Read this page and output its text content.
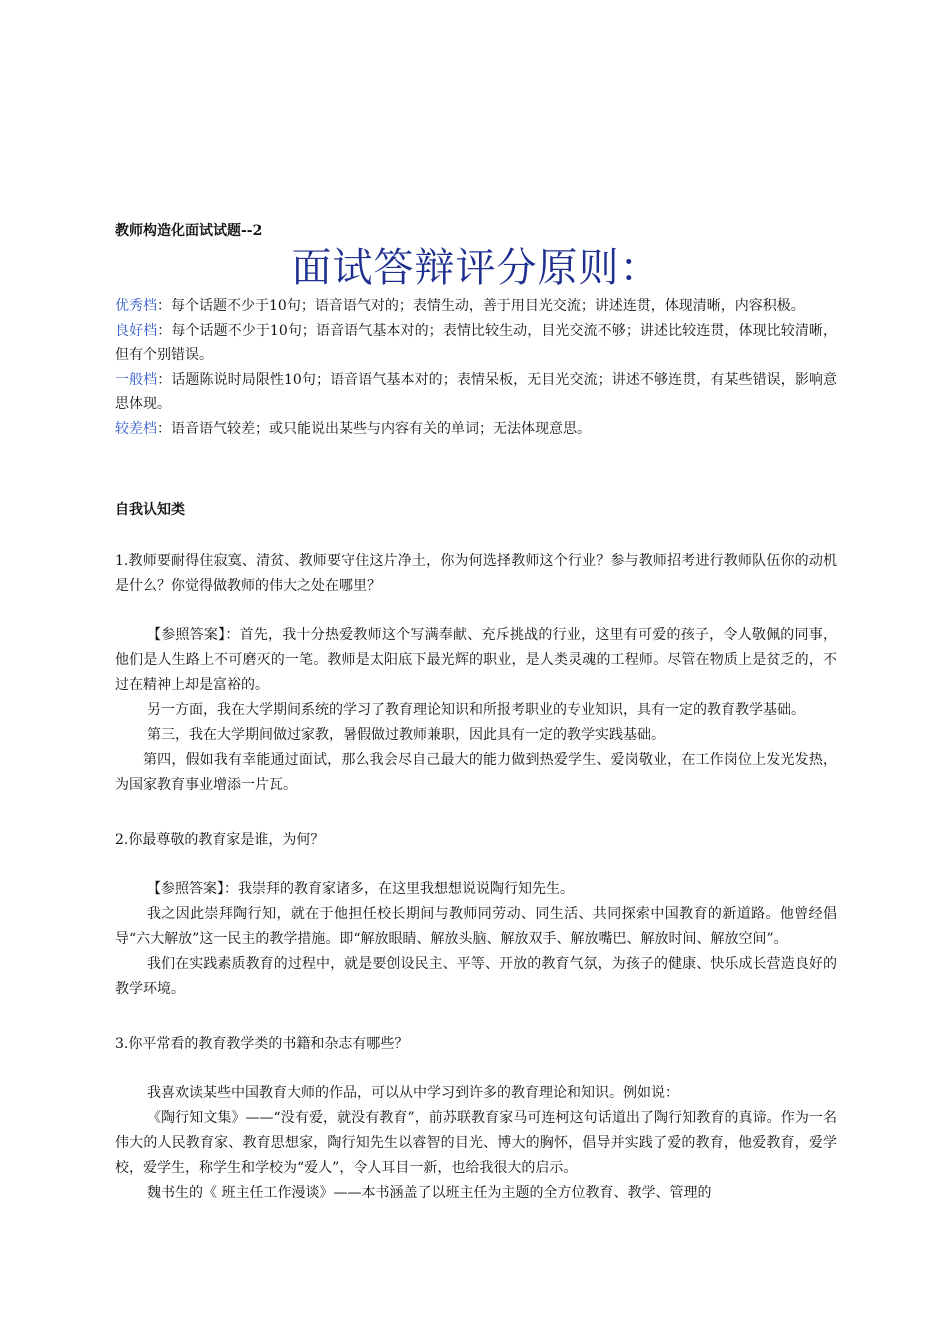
教师构造化面试试题--2

面试答辩评分原则：

优秀档：每个话题不少于10句；语音语气对的；表情生动，善于用目光交流；讲述连贯，体现清晰，内容积极。

良好档：每个话题不少于10句；语音语气基本对的；表情比较生动，目光交流不够；讲述比较连贯，体现比较清晰，但有个别错误。

一般档：话题陈说时局限性10句；语音语气基本对的；表情呆板，无目光交流；讲述不够连贯，有某些错误，影响意思体现。

较差档：语音语气较差；或只能说出某些与内容有关的单词；无法体现意思。

自我认知类

1.教师要耐得住寂寞、清贫、教师要守住这片净土，你为何选择教师这个行业？参与教师招考进行教师队伍你的动机是什么？你觉得做教师的伟大之处在哪里？

【参照答案】：首先，我十分热爱教师这个写满奉献、充斥挑战的行业，这里有可爱的孩子，令人敬佩的同事，他们是人生路上不可磨灭的一笔。教师是太阳底下最光辉的职业，是人类灵魂的工程师。尽管在物质上是贫乏的，不过在精神上却是富裕的。

另一方面，我在大学期间系统的学习了教育理论知识和所报考职业的专业知识，具有一定的教育教学基础。

第三，我在大学期间做过家教，暑假做过教师兼职，因此具有一定的教学实践基础。

第四，假如我有幸能通过面试，那么我会尽自己最大的能力做到热爱学生、爱岗敬业，在工作岗位上发光发热，为国家教育事业增添一片瓦。

2.你最尊敬的教育家是谁，为何？

【参照答案】：我崇拜的教育家诸多，在这里我想想说说陶行知先生。

我之因此崇拜陶行知，就在于他担任校长期间与教师同劳动、同生活、共同探索中国教育的新道路。他曾经倡导“六大解放”这一民主的教学措施。即“解放眼睛、解放头脑、解放双手、解放嘴巴、解放时间、解放空间”。

我们在实践素质教育的过程中，就是要创设民主、平等、开放的教育气氛，为孩子的健康、快乐成长营造良好的教学环境。

3.你平常看的教育教学类的书籍和杂志有哪些？

我喜欢读某些中国教育大师的作品，可以从中学习到许多的教育理论和知识。例如说：

《陶行知文集》——“没有爱，就没有教育”，前苏联教育家马可连柯这句话道出了陶行知教育的真谛。作为一名伟大的人民教育家、教育思想家，陶行知先生以睿智的目光、博大的胸怀，倡导并实践了爱的教育，他爱教育，爱学校，爱学生，称学生和学校为“爱人”，令人耳目一新，也给我很大的启示。

魏书生的《 班主任工作漫谈》——本书涵盖了以班主任为主题的全方位教育、教学、管理的
